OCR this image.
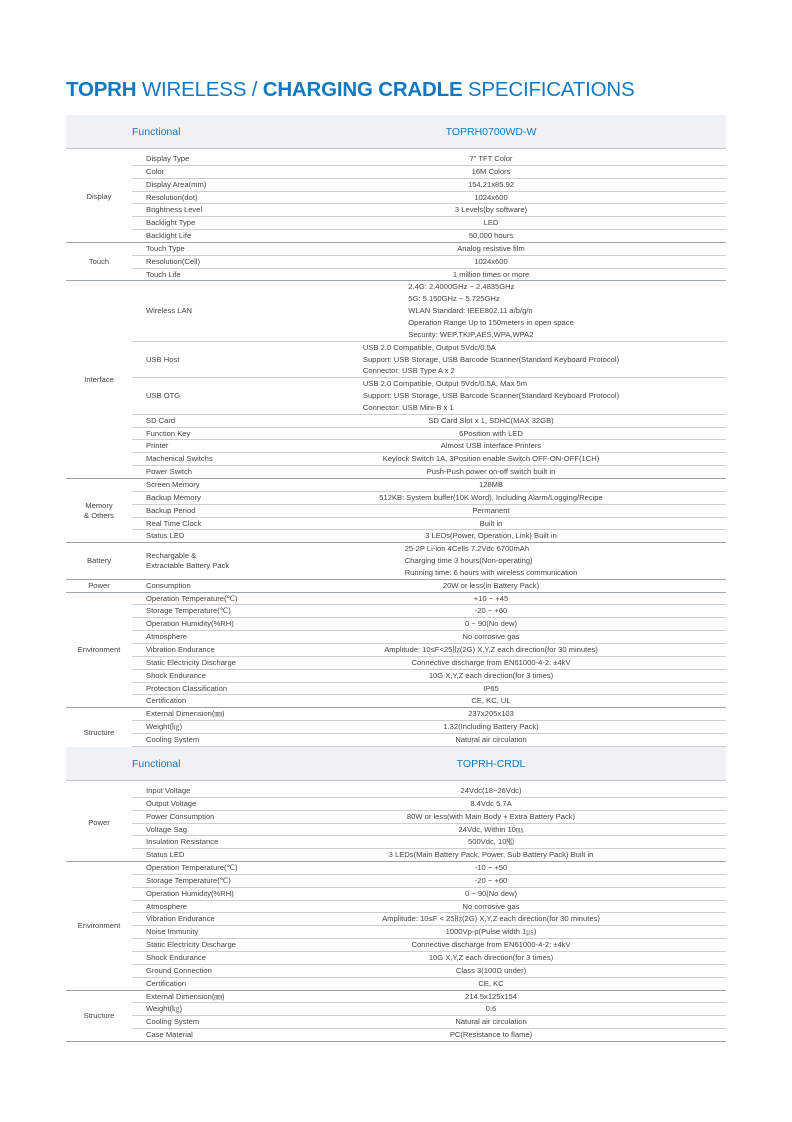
TOPRH WIRELESS / CHARGING CRADLE SPECIFICATIONS
Functional		TOPRH0700WD-W

Display	Display Type	7" TFT Color
	Color	16M Colors
	Display Area(mm)	154.21x85.92
	Resolution(dot)	1024x600
	Brightness Level	3 Levels(by software)
	Backlight Type	LED
	Backlight Life	50,000 hours
Touch	Touch Type	Analog resistive film
	Resolution(Cell)	1024x600
	Touch Life	1 million times or more
Interface	Wireless LAN	2.4G: 2.4000GHz ~ 2.4835GHz
5G: 5.150GHz ~ 5.725GHz
WLAN Standard: IEEE802.11 a/b/g/n
Operation Range Up to 150meters in open space
Security: WEP,TKIP,AES,WPA,WPA2

	USB Host	USB 2.0 Compatible, Output 5Vdc/0.5A
Support: USB Storage, USB Barcode Scanner(Standard Keyboard Protocol)
Connector: USB Type A x 2

	USB OTG	USB 2.0 Compatible, Output 5Vdc/0.5A, Max 5m
Support: USB Storage, USB Barcode Scanner(Standard Keyboard Protocol)
Connector: USB Mini-B x 1

	SD Card	SD Card Slot x 1, SDHC(MAX 32GB)
	Function Key	6Position with LED
	Printer	Almost USB interface Printers
	Machenical Switchs	Keylock Switch 1A, 3Position enable Switch OFF-ON-OFF(1CH)
	Power Switch	Push-Push power on-off switch built in
Memory
& Others	Screen Memory	128MB
	Backup Memory	512KB: System buffer(10K Word), Including Alarm/Logging/Recipe
	Backup Period	Permanent
	Real Time Clock	Built in
	Status LED	3 LEDs(Power, Operation, Link) Built in
Battery	Rechargable &
Extractable Battery Pack	25-2P Li-ion 4Cells 7.2Vdc 6700mAh
Charging time 3 hours(Non-operating)
Running time: 6 hours with wireless communication

Power	Consumption	20W or less(in Battery Pack)
Environment	Operation Temperature(℃)	+10 ~ +45
	Storage Temperature(℃)	-20 ~ +60
	Operation Humidity(%RH)	0 ~ 90(No dew)
	Atmosphere	No corrosive gas
	Vibration Endurance	Amplitude: 10≤F<25㎐(2G) X,Y,Z each direction(for 30 minutes)
	Static Electricity Discharge	Connective discharge from EN61000-4-2: ±4kV
	Shock Endurance	10G X,Y,Z each direction(for 3 times)
	Protection Classification	IP65
	Certification	CE, KC, UL
Structure	External Dimension(㎜)	237x205x103
	Weight(㎏)	1.32(Including Battery Pack)
	Cooling System	Natural air circulation

Functional		TOPRH-CRDL

Power	Input Voltage	24Vdc(18~26Vdc)
	Output Voltage	8.4Vdc 5.7A
	Power Consumption	80W or less(with Main Body + Extra Battery Pack)
	Voltage Sag	24Vdc, Within 10㎳
	Insulation Resistance	500Vdc, 10㏁
	Status LED	3 LEDs(Main Battery Pack, Power, Sub Battery Pack) Built in
Environment	Operation Temperature(℃)	-10 ~ +50
	Storage Temperature(℃)	-20 ~ +60
	Operation Humidity(%RH)	0 ~ 90(No dew)
	Atmosphere	No corrosive gas
	Vibration Endurance	Amplitude: 10≤F < 25㎐(2G) X,Y,Z each direction(for 30 minutes)
	Noise Immunity	1000Vp-p(Pulse width 1㎲)
	Static Electricity Discharge	Connective discharge from EN61000-4-2: ±4kV
	Shock Endurance	10G X,Y,Z each direction(for 3 times)
	Ground Connection	Class 3(100Ω under)
	Certification	CE, KC
Structure	External Dimension(㎜)	214.5x125x154
	Weight(㎏)	0.6
	Cooling System	Natural air circulation
	Case Material	PC(Resistance to flame)
